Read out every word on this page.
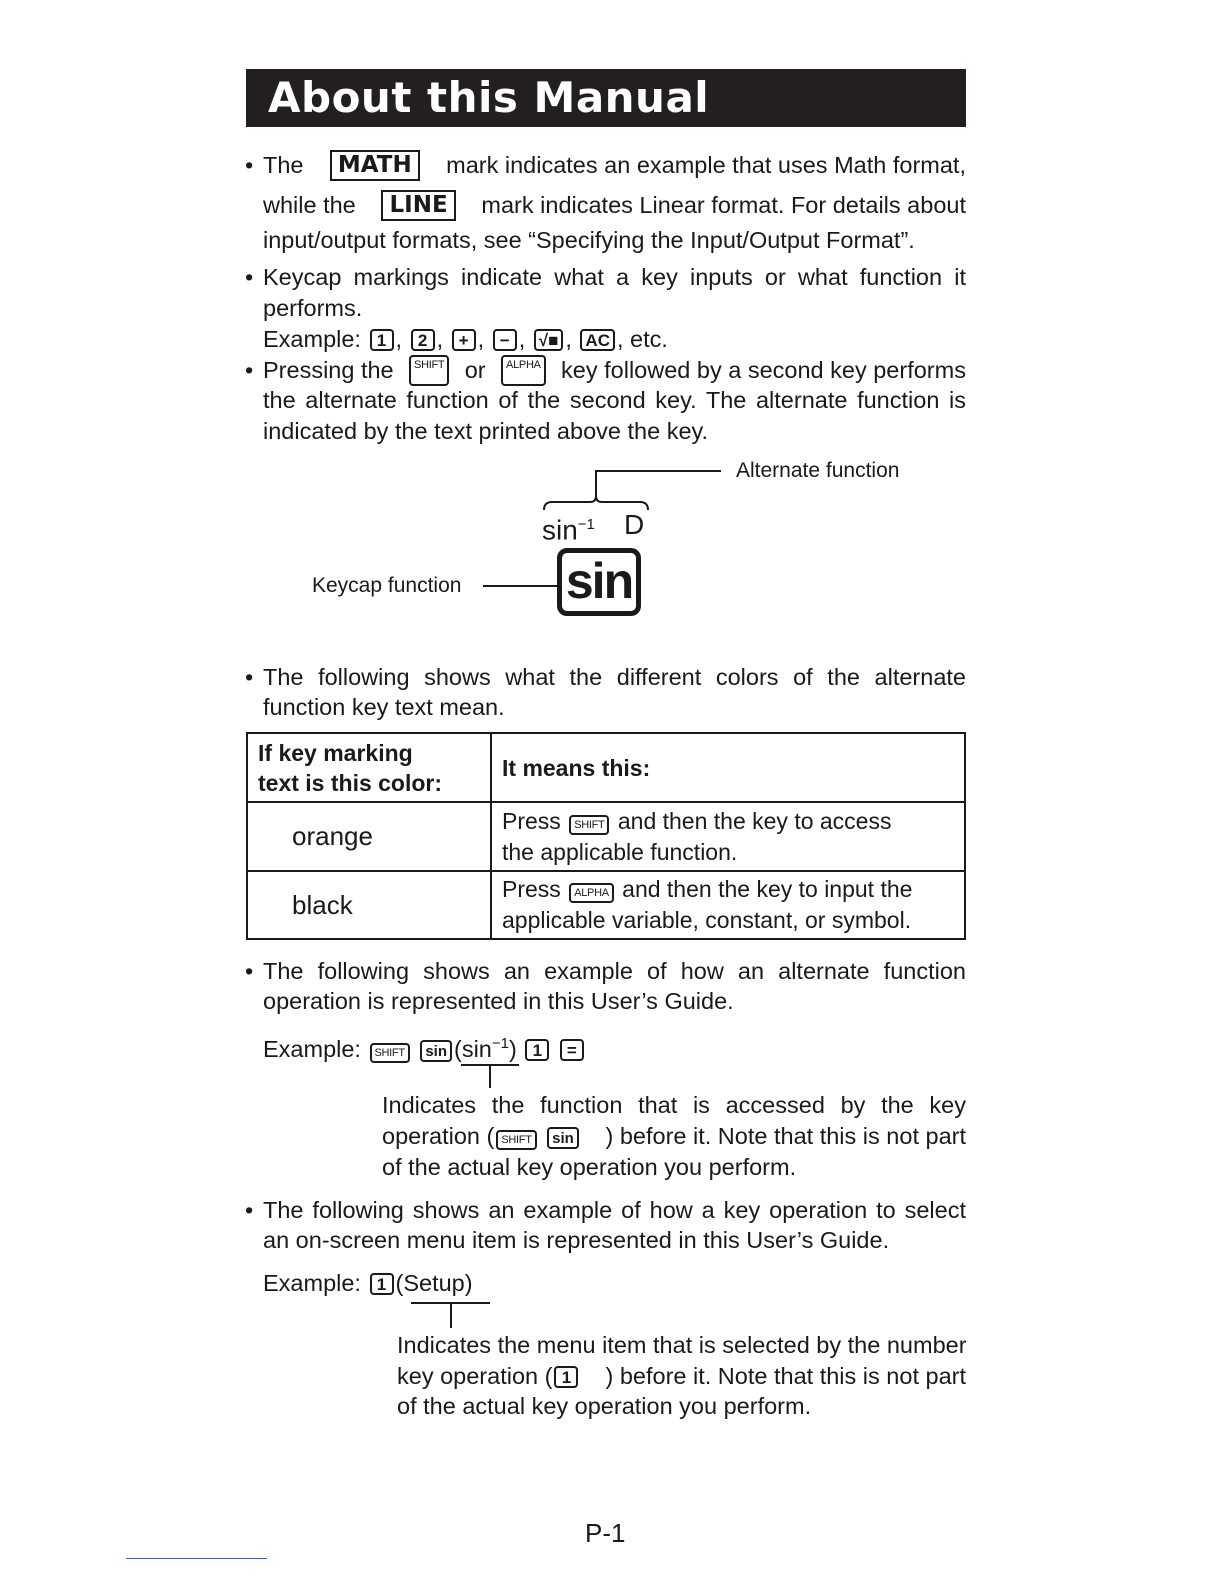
About this Manual
• The	MATH	mark indicates an example that uses Math format,
while the	LINE	mark indicates Linear format. For details about
input/output formats, see “Specifying the Input/Output Format”.
• Keycap markings indicate what a key inputs or what function it
performs.
Example: 1 , 2 , + , − , √■ , AC , etc.
• Pressing the	SHIFT or	ALPHA key followed by a second key performs
the alternate function of the second key. The alternate function is
indicated by the text printed above the key.
Alternate function
$\sin^{-1} D$
Keycap function sin
• The following shows what the different colors of the alternate
function key text mean.
If key marking
text is this color:	It means this:
orange	Press SHIFT and then the key to access
the applicable function.

black	Press ALPHA and then the key to input the
applicable variable, constant, or symbol.
• The following shows an example of how an alternate function
operation is represented in this User’s Guide.
Example: SHIFT $\sin (\sin^{-1}) 1$ =
Indicates the function that is accessed by the key
operation ( SHIFT sin ) before it. Note that this is not part
of the actual key operation you perform.
• The following shows an example of how a key operation to select
an on-screen menu item is represented in this User’s Guide.
Example: 1 (Setup)
Indicates the menu item that is selected by the number
key operation ( 1	) before it. Note that this is not part
of the actual key operation you perform.
P-1
